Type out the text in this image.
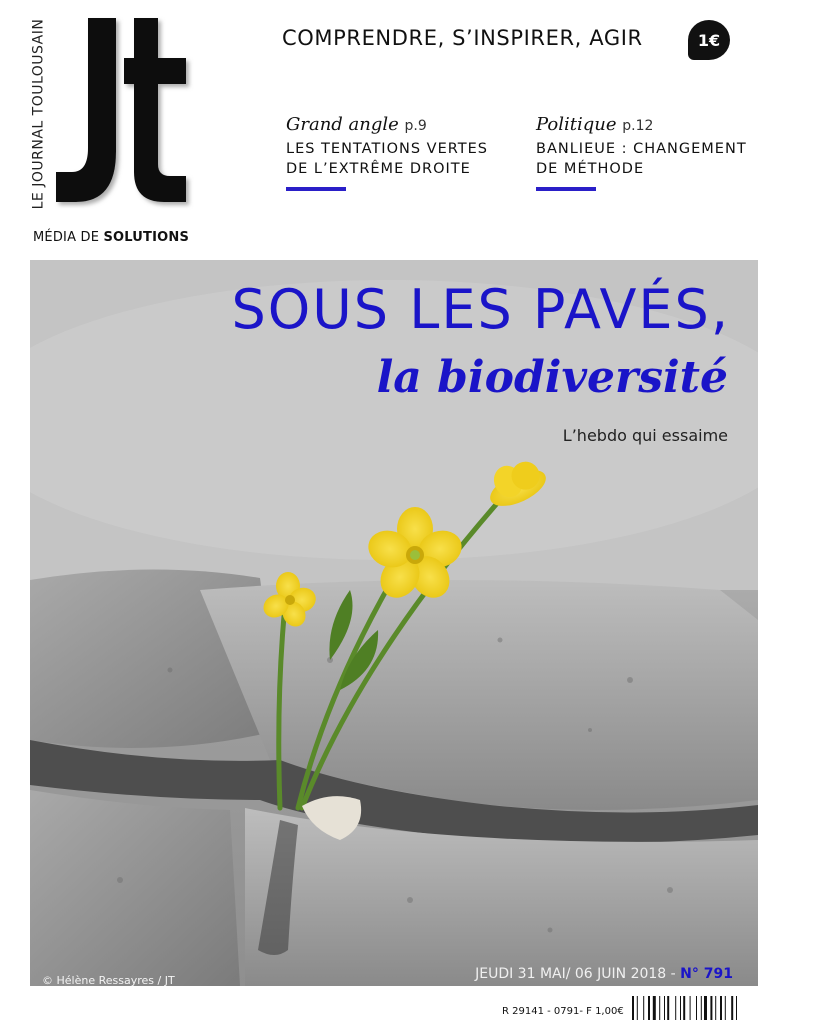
LE JOURNAL TOULOUSAIN
MÉDIA DE SOLUTIONS
COMPRENDRE, S’INSPIRER, AGIR	1€
Grand angle p.9
LES TENTATIONS VERTES
DE L’EXTRÊME DROITE
Politique p.12
BANLIEUE : CHANGEMENT
DE MÉTHODE
SOUS LES PAVÉS,
la biodiversité
L’hebdo qui essaime
© Hélène Ressayres / JT	JEUDI 31 MAI/ 06 JUIN 2018 - N° 791
R 29141 - 0791- F 1,00€
